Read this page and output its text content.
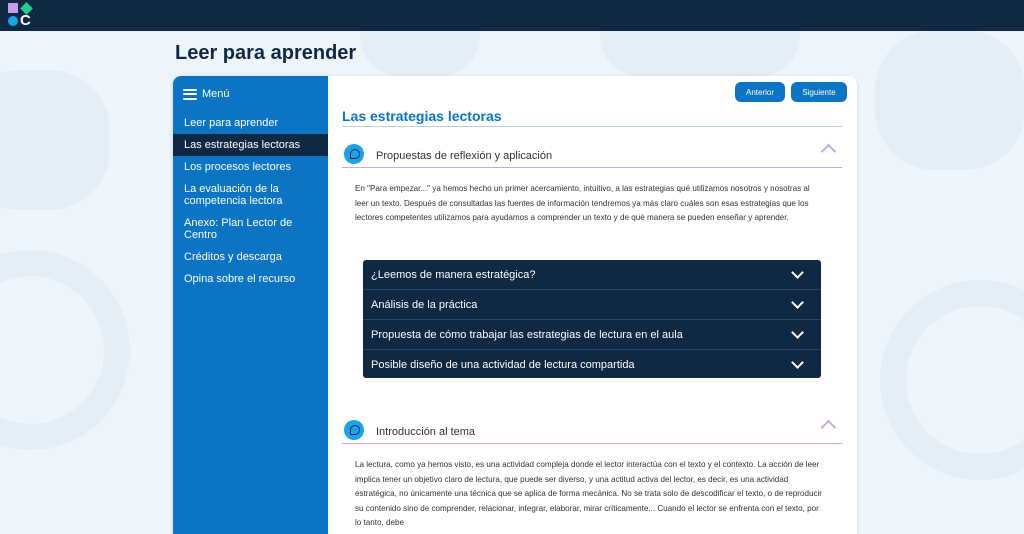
C
Leer para aprender
Menú
Leer para aprender
Las estrategias lectoras
Los procesos lectores
La evaluación de la competencia lectora
Anexo: Plan Lector de Centro
Créditos y descarga
Opina sobre el recurso
Anterior	Siguiente
Las estrategias lectoras
Propuestas de reflexión y aplicación

En "Para empezar..." ya hemos hecho un primer acercamiento, intuitivo, a las estrategias qué utilizamos nosotros y nosotras al leer un texto. Después de consultadas las fuentes de información tendremos ya más claro cuáles son esas estrategias que los lectores competentes utilizamos para ayudamos a comprender un texto y de qué manera se pueden enseñar y aprender.

¿Leemos de manera estratégica?
Análisis de la práctica
Propuesta de cómo trabajar las estrategias de lectura en el aula
Posible diseño de una actividad de lectura compartida
Introducción al tema

La lectura, como ya hemos visto, es una actividad compleja donde el lector interactúa con el texto y el contexto. La acción de leer implica tener un objetivo claro de lectura, que puede ser diverso, y una actitud activa del lector, es decir, es una actividad estratégica, no únicamente una técnica que se aplica de forma mecánica. No se trata solo de descodificar el texto, o de reproducir su contenido sino de comprender, relacionar, integrar, elaborar, mirar críticamente... Cuando el lector se enfrenta con el texto, por lo tanto, debe
